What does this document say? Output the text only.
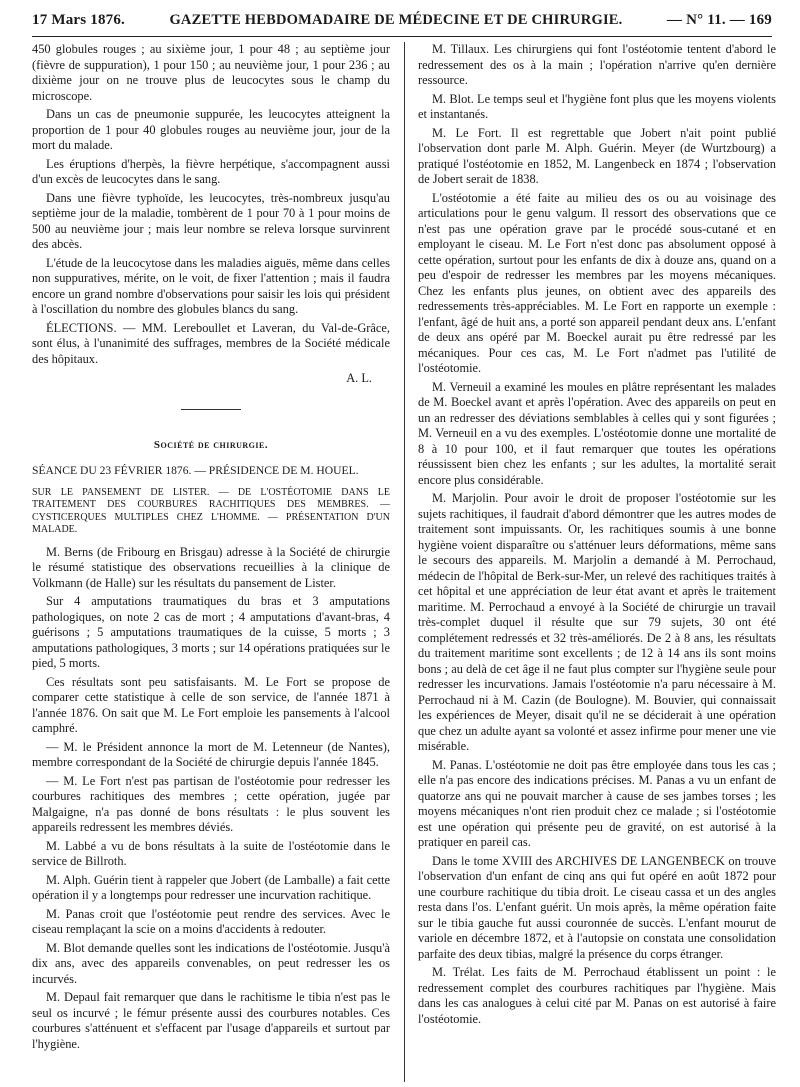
17 Mars 1876.	GAZETTE HEBDOMADAIRE DE MÉDECINE ET DE CHIRURGIE.	— N° 11. — 169

450 globules rouges ; au sixième jour, 1 pour 48 ; au septième jour (fièvre de suppuration), 1 pour 150 ; au neuvième jour, 1 pour 236 ; au dixième jour on ne trouve plus de leucocytes sous le champ du microscope.

Dans un cas de pneumonie suppurée, les leucocytes atteignent la proportion de 1 pour 40 globules rouges au neuvième jour, jour de la mort du malade.

Les éruptions d'herpès, la fièvre herpétique, s'accompagnent aussi d'un excès de leucocytes dans le sang.

Dans une fièvre typhoïde, les leucocytes, très-nombreux jusqu'au septième jour de la maladie, tombèrent de 1 pour 70 à 1 pour moins de 500 au neuvième jour ; mais leur nombre se releva lorsque survinrent des abcès.

L'étude de la leucocytose dans les maladies aiguës, même dans celles non suppuratives, mérite, on le voit, de fixer l'attention ; mais il faudra encore un grand nombre d'observations pour saisir les lois qui président à l'oscillation du nombre des globules blancs du sang.

ÉLECTIONS. — MM. Lereboullet et Laveran, du Val-de-Grâce, sont élus, à l'unanimité des suffrages, membres de la Société médicale des hôpitaux.

A. L.

Société de chirurgie.

SÉANCE DU 23 FÉVRIER 1876. — PRÉSIDENCE DE M. HOUEL.

SUR LE PANSEMENT DE LISTER. — DE L'OSTÉOTOMIE DANS LE TRAITEMENT DES COURBURES RACHITIQUES DES MEMBRES. — CYSTICERQUES MULTIPLES CHEZ L'HOMME. — PRÉSENTATION D'UN MALADE.

M. Berns (de Fribourg en Brisgau) adresse à la Société de chirurgie le résumé statistique des observations recueillies à la clinique de Volkmann (de Halle) sur les résultats du pansement de Lister.

Sur 4 amputations traumatiques du bras et 3 amputations pathologiques, on note 2 cas de mort ; 4 amputations d'avant-bras, 4 guérisons ; 5 amputations traumatiques de la cuisse, 5 morts ; 3 amputations pathologiques, 3 morts ; sur 14 opérations pratiquées sur le pied, 5 morts.

Ces résultats sont peu satisfaisants. M. Le Fort se propose de comparer cette statistique à celle de son service, de l'année 1871 à l'année 1876. On sait que M. Le Fort emploie les pansements à l'alcool camphré.

— M. le Président annonce la mort de M. Letenneur (de Nantes), membre correspondant de la Société de chirurgie depuis l'année 1845.

— M. Le Fort n'est pas partisan de l'ostéotomie pour redresser les courbures rachitiques des membres ; cette opération, jugée par Malgaigne, n'a pas donné de bons résultats : le plus souvent les appareils redressent les membres déviés.

M. Labbé a vu de bons résultats à la suite de l'ostéotomie dans le service de Billroth.

M. Alph. Guérin tient à rappeler que Jobert (de Lamballe) a fait cette opération il y a longtemps pour redresser une incurvation rachitique.

M. Panas croit que l'ostéotomie peut rendre des services. Avec le ciseau remplaçant la scie on a moins d'accidents à redouter.

M. Blot demande quelles sont les indications de l'ostéotomie. Jusqu'à dix ans, avec des appareils convenables, on peut redresser les os incurvés.

M. Depaul fait remarquer que dans le rachitisme le tibia n'est pas le seul os incurvé ; le fémur présente aussi des courbures notables. Ces courbures s'atténuent et s'effacent par l'usage d'appareils et surtout par l'hygiène.

M. Tillaux. Les chirurgiens qui font l'ostéotomie tentent d'abord le redressement des os à la main ; l'opération n'arrive qu'en dernière ressource.

M. Blot. Le temps seul et l'hygiène font plus que les moyens violents et instantanés.

M. Le Fort. Il est regrettable que Jobert n'ait point publié l'observation dont parle M. Alph. Guérin. Meyer (de Wurtzbourg) a pratiqué l'ostéotomie en 1852, M. Langenbeck en 1874 ; l'observation de Jobert serait de 1838.

L'ostéotomie a été faite au milieu des os ou au voisinage des articulations pour le genu valgum. Il ressort des observations que ce n'est pas une opération grave par le procédé sous-cutané et en employant le ciseau. M. Le Fort n'est donc pas absolument opposé à cette opération, surtout pour les enfants de dix à douze ans, quand on a peu d'espoir de redresser les membres par les moyens mécaniques. Chez les enfants plus jeunes, on obtient avec des appareils des redressements très-appréciables. M. Le Fort en rapporte un exemple : l'enfant, âgé de huit ans, a porté son appareil pendant deux ans. L'enfant de deux ans opéré par M. Boeckel aurait pu être redressé par les mécaniques. Pour ces cas, M. Le Fort n'admet pas l'utilité de l'ostéotomie.

M. Verneuil a examiné les moules en plâtre représentant les malades de M. Boeckel avant et après l'opération. Avec des appareils on peut en un an redresser des déviations semblables à celles qui y sont figurées ; M. Verneuil en a vu des exemples. L'ostéotomie donne une mortalité de 8 à 10 pour 100, et il faut remarquer que toutes les opérations réussissent bien chez les enfants ; sur les adultes, la mortalité serait encore plus considérable.

M. Marjolin. Pour avoir le droit de proposer l'ostéotomie sur les sujets rachitiques, il faudrait d'abord démontrer que les autres modes de traitement sont impuissants. Or, les rachitiques soumis à une bonne hygiène voient disparaître ou s'atténuer leurs déformations, même sans le secours des appareils. M. Marjolin a demandé à M. Perrochaud, médecin de l'hôpital de Berk-sur-Mer, un relevé des rachitiques traités à cet hôpital et une appréciation de leur état avant et après le traitement maritime. M. Perrochaud a envoyé à la Société de chirurgie un travail très-complet duquel il résulte que sur 79 sujets, 30 ont été complétement redressés et 32 très-améliorés. De 2 à 8 ans, les résultats du traitement maritime sont excellents ; de 12 à 14 ans ils sont moins bons ; au delà de cet âge il ne faut plus compter sur l'hygiène seule pour redresser les incurvations. Jamais l'ostéotomie n'a paru nécessaire à M. Perrochaud ni à M. Cazin (de Boulogne). M. Bouvier, qui connaissait les expériences de Meyer, disait qu'il ne se déciderait à une opération que chez un adulte ayant sa volonté et assez infirme pour mener une vie misérable.

M. Panas. L'ostéotomie ne doit pas être employée dans tous les cas ; elle n'a pas encore des indications précises. M. Panas a vu un enfant de quatorze ans qui ne pouvait marcher à cause de ses jambes torses ; les moyens mécaniques n'ont rien produit chez ce malade ; si l'ostéotomie est une opération qui présente peu de gravité, on est autorisé à la pratiquer en pareil cas.

Dans le tome XVIII des ARCHIVES DE LANGENBECK on trouve l'observation d'un enfant de cinq ans qui fut opéré en août 1872 pour une courbure rachitique du tibia droit. Le ciseau cassa et un des angles resta dans l'os. L'enfant guérit. Un mois après, la même opération faite sur le tibia gauche fut aussi couronnée de succès. L'enfant mourut de variole en décembre 1872, et à l'autopsie on constata une consolidation parfaite des deux tibias, malgré la présence du corps étranger.

M. Trélat. Les faits de M. Perrochaud établissent un point : le redressement complet des courbures rachitiques par l'hygiène. Mais dans les cas analogues à celui cité par M. Panas on est autorisé à faire l'ostéotomie.
